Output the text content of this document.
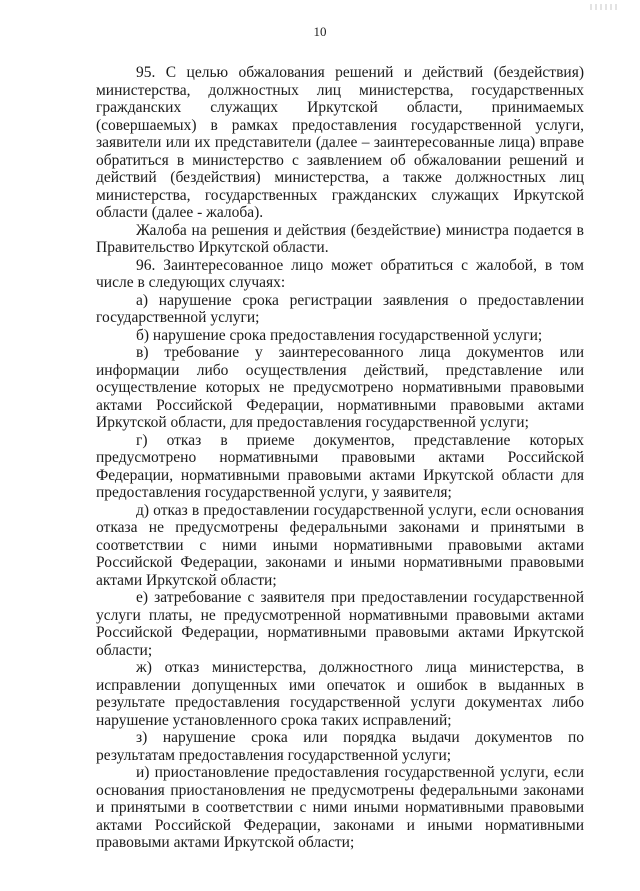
10

95. С целью обжалования решений и действий (бездействия) министерства, должностных лиц министерства, государственных гражданских служащих Иркутской области, принимаемых (совершаемых) в рамках предоставления государственной услуги, заявители или их представители (далее – заинтересованные лица) вправе обратиться в министерство с заявлением об обжаловании решений и действий (бездействия) министерства, а также должностных лиц министерства, государственных гражданских служащих Иркутской области (далее - жалоба).

Жалоба на решения и действия (бездействие) министра подается в Правительство Иркутской области.

96. Заинтересованное лицо может обратиться с жалобой, в том числе в следующих случаях:

а) нарушение срока регистрации заявления о предоставлении государственной услуги;

б) нарушение срока предоставления государственной услуги;

в) требование у заинтересованного лица документов или информации либо осуществления действий, представление или осуществление которых не предусмотрено нормативными правовыми актами Российской Федерации, нормативными правовыми актами Иркутской области, для предоставления государственной услуги;

г) отказ в приеме документов, представление которых предусмотрено нормативными правовыми актами Российской Федерации, нормативными правовыми актами Иркутской области для предоставления государственной услуги, у заявителя;

д) отказ в предоставлении государственной услуги, если основания отказа не предусмотрены федеральными законами и принятыми в соответствии с ними иными нормативными правовыми актами Российской Федерации, законами и иными нормативными правовыми актами Иркутской области;

е) затребование с заявителя при предоставлении государственной услуги платы, не предусмотренной нормативными правовыми актами Российской Федерации, нормативными правовыми актами Иркутской области;

ж) отказ министерства, должностного лица министерства, в исправлении допущенных ими опечаток и ошибок в выданных в результате предоставления государственной услуги документах либо нарушение установленного срока таких исправлений;

з) нарушение срока или порядка выдачи документов по результатам предоставления государственной услуги;

и) приостановление предоставления государственной услуги, если основания приостановления не предусмотрены федеральными законами и принятыми в соответствии с ними иными нормативными правовыми актами Российской Федерации, законами и иными нормативными правовыми актами Иркутской области;
